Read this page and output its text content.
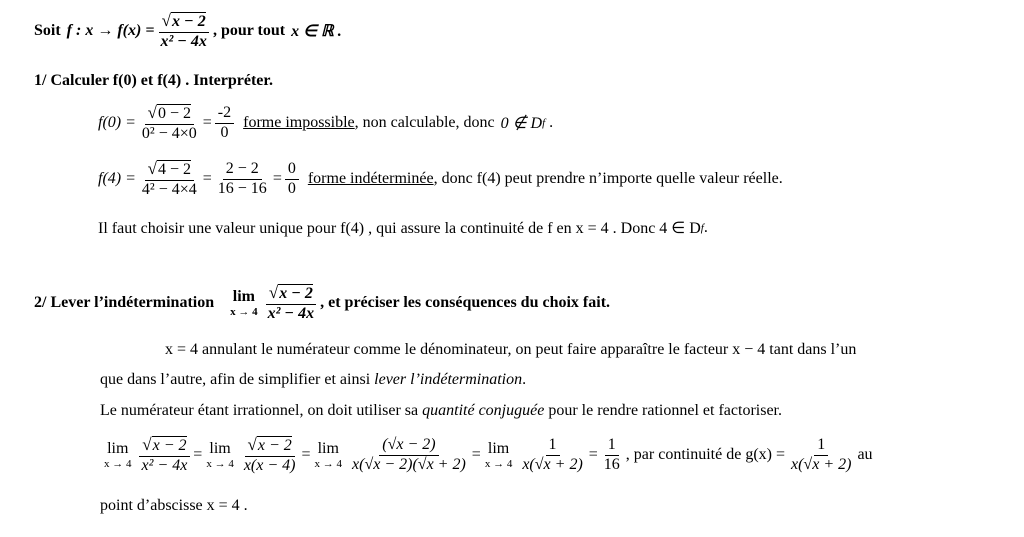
Soit f : $x \to f(x) = \frac{√x - 2}{\text{x² − 4x}}$ , pour tout x ∈ ℝ .
1/ Calculer f(0) et f(4) . Interpréter.
$f(0) = \frac{√0 - 2}{\text{0² − 4×0}} = \frac{-2}{0}$ forme impossible , non calculable, donc 0 ∉ D f .
$f(4) = \frac{√4 - 2}{\text{4² − 4×4}} = \frac{2 - 2}{16 - 16} = \frac{0}{0}$ forme indéterminée , donc f(4) peut prendre n’importe quelle valeur réelle.
Il faut choisir une valeur unique pour f(4) , qui assure la continuité de f en x = 4 . Donc 4 ∈ D f .
2/ Lever l’indétermination lim
$x \to 4 \frac{√x - 2}{\text{x² − 4x}}$ , et préciser les conséquences du choix fait.
x = 4 annulant le numérateur comme le dénominateur, on peut faire apparaître le facteur x − 4 tant dans l’un
que dans l’autre, afin de simplifier et ainsi
lever l’indétermination .
Le numérateur étant irrationnel, on doit utiliser sa
quantité conjuguée
pour le rendre rationnel et factoriser.
lim
$x \to 4 \frac{√x - 2}{\text{x² − 4x}} = \lim$
$x \to 4 \frac{√x - 2}{x(x - 4)} = \lim$
$x \to 4 \frac{(√x - 2)}{x(√x - 2)(√x + 2)} = \lim$
$x \to 4 \frac{1}{x(√x + 2)} = \frac{1}{16}$ , par continuité de $g(x) = \frac{1}{x(√x + 2)}$ au
point d’abscisse x = 4 .
